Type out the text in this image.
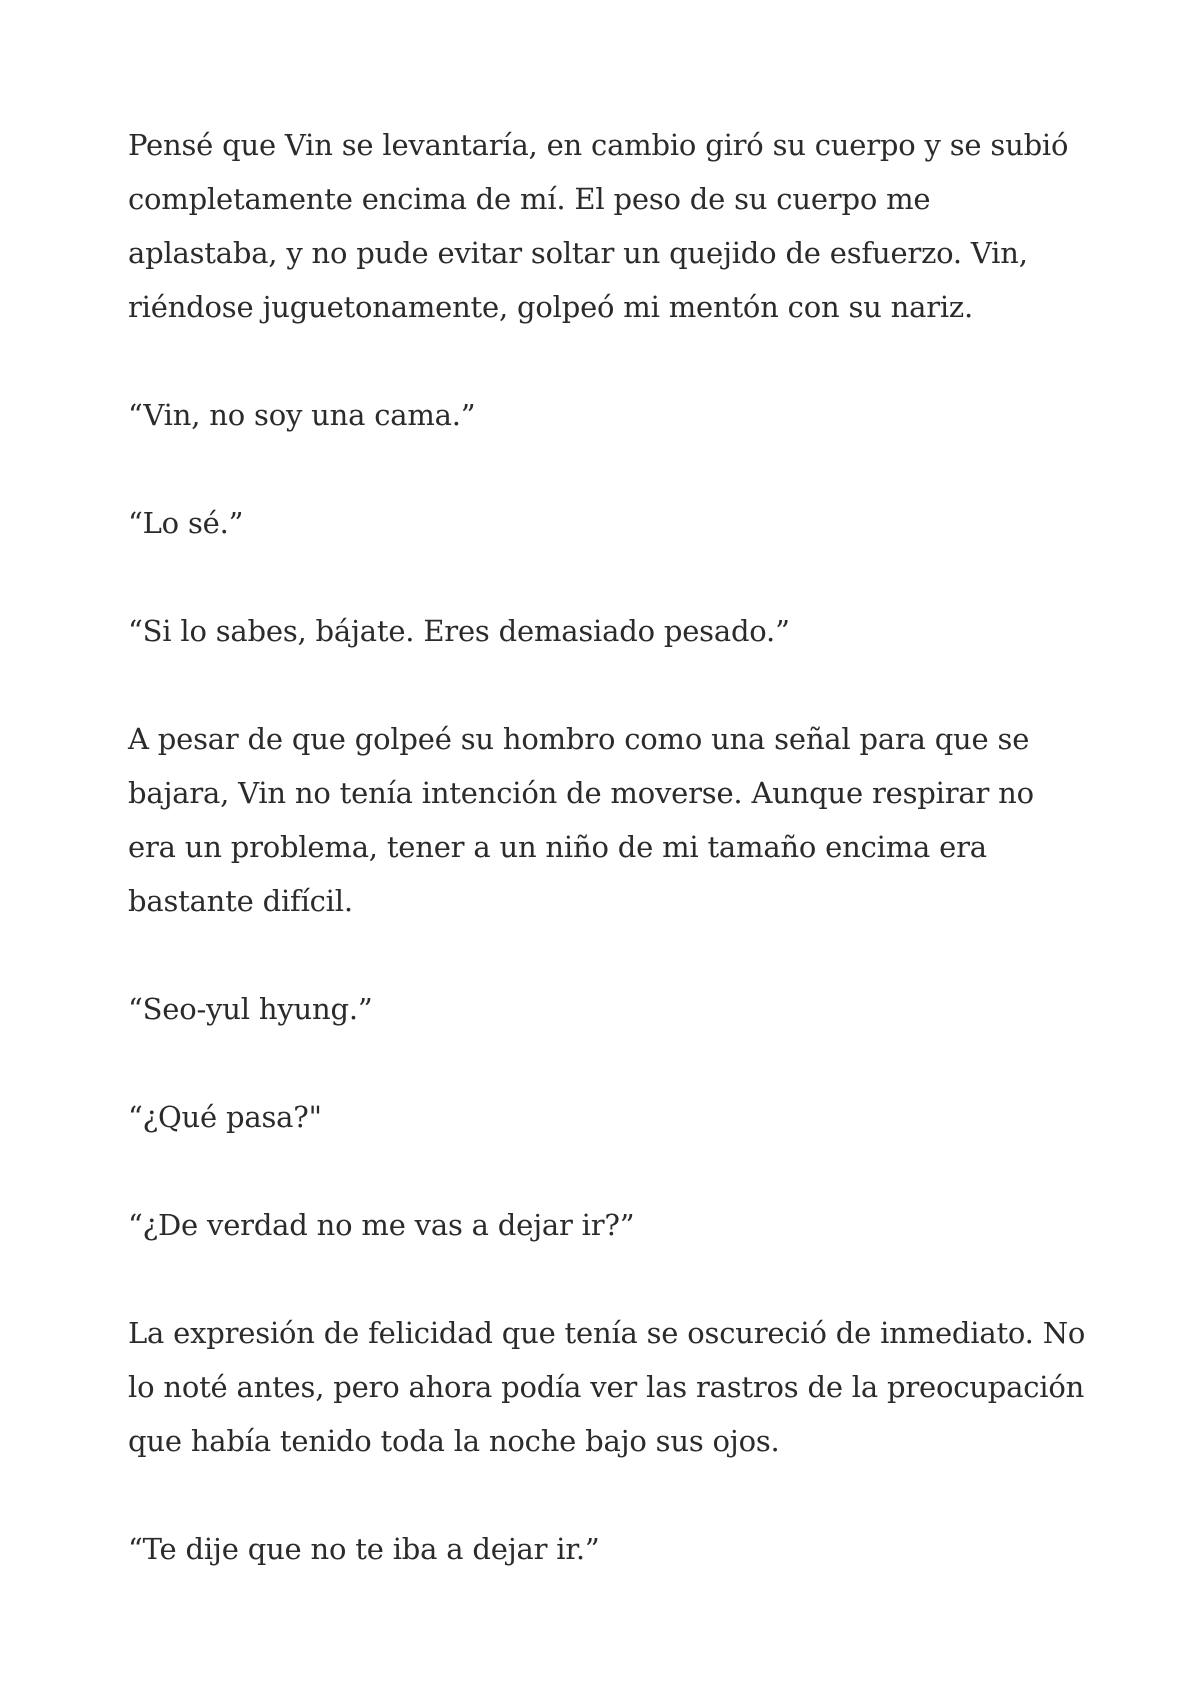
Pensé que Vin se levantaría, en cambio giró su cuerpo y se subió completamente encima de mí. El peso de su cuerpo me aplastaba, y no pude evitar soltar un quejido de esfuerzo. Vin, riéndose juguetonamente, golpeó mi mentón con su nariz.

“Vin, no soy una cama.”

“Lo sé.”

“Si lo sabes, bájate. Eres demasiado pesado.”

A pesar de que golpeé su hombro como una señal para que se bajara, Vin no tenía intención de moverse. Aunque respirar no era un problema, tener a un niño de mi tamaño encima era bastante difícil.

“Seo-yul hyung.”

“¿Qué pasa?"

“¿De verdad no me vas a dejar ir?”

La expresión de felicidad que tenía se oscureció de inmediato. No lo noté antes, pero ahora podía ver las rastros de la preocupación que había tenido toda la noche bajo sus ojos.

“Te dije que no te iba a dejar ir.”
